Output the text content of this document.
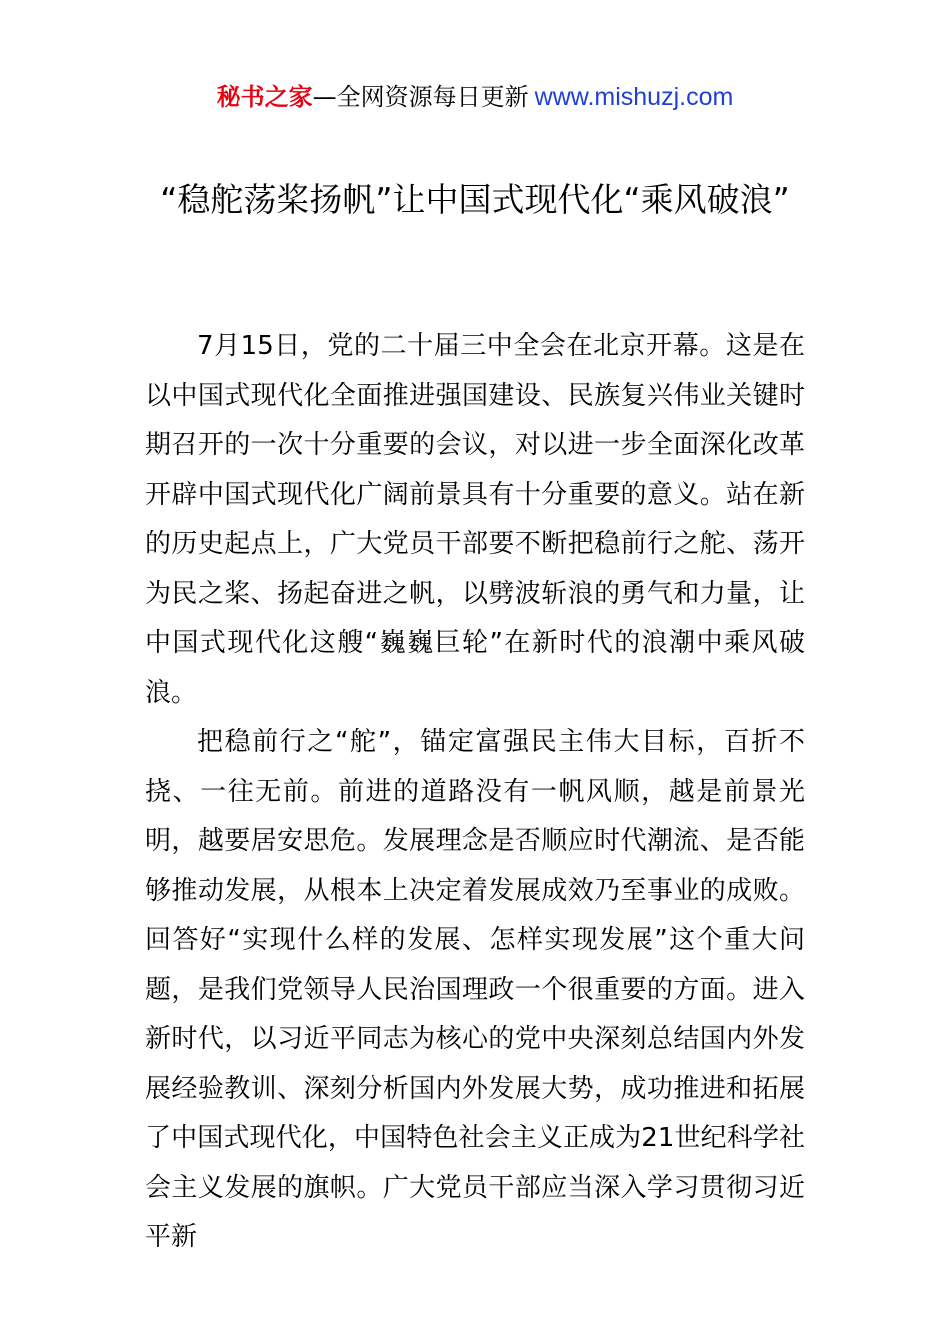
秘书之家—全网资源每日更新 www.mishuzj.com
“稳舵荡桨扬帆”让中国式现代化“乘风破浪”

7月15日，党的二十届三中全会在北京开幕。这是在以中国式现代化全面推进强国建设、民族复兴伟业关键时期召开的一次十分重要的会议，对以进一步全面深化改革开辟中国式现代化广阔前景具有十分重要的意义。站在新的历史起点上，广大党员干部要不断把稳前行之舵、荡开为民之桨、扬起奋进之帆，以劈波斩浪的勇气和力量，让中国式现代化这艘“巍巍巨轮”在新时代的浪潮中乘风破浪。

把稳前行之“舵”，锚定富强民主伟大目标，百折不挠、一往无前。前进的道路没有一帆风顺，越是前景光明，越要居安思危。发展理念是否顺应时代潮流、是否能够推动发展，从根本上决定着发展成效乃至事业的成败。回答好“实现什么样的发展、怎样实现发展”这个重大问题，是我们党领导人民治国理政一个很重要的方面。进入新时代，以习近平同志为核心的党中央深刻总结国内外发展经验教训、深刻分析国内外发展大势，成功推进和拓展了中国式现代化，中国特色社会主义正成为21世纪科学社会主义发展的旗帜。广大党员干部应当深入学习贯彻习近平新
